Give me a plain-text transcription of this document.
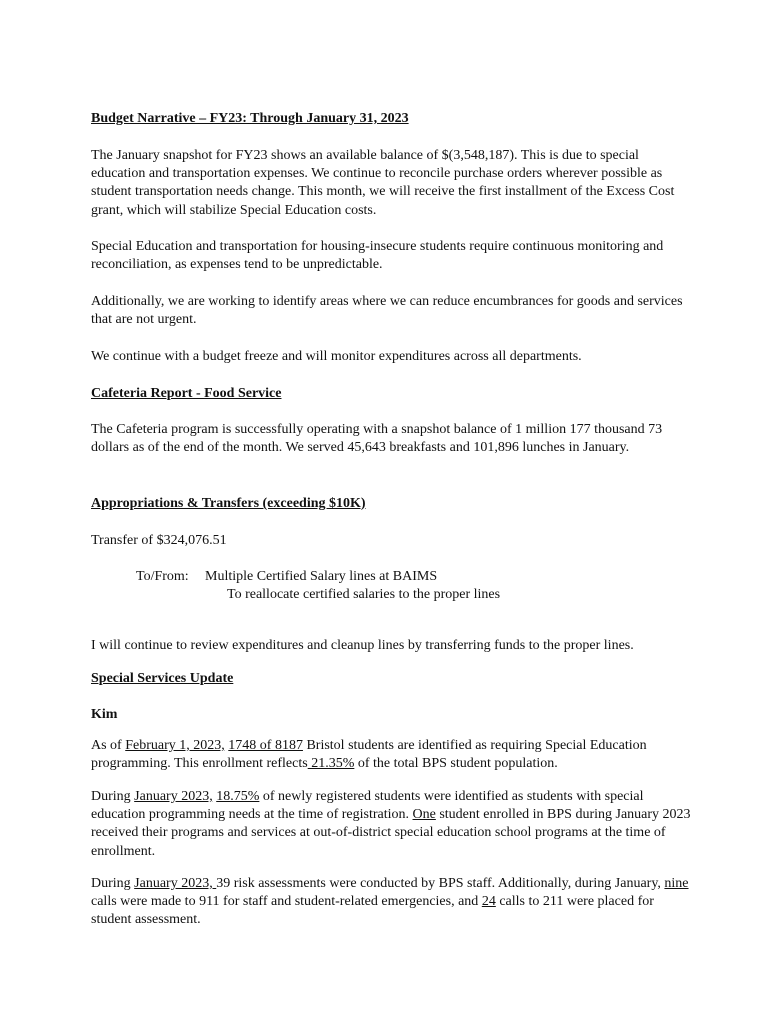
Budget Narrative – FY23: Through January 31, 2023

The January snapshot for FY23 shows an available balance of $(3,548,187). This is due to special education and transportation expenses. We continue to reconcile purchase orders wherever possible as student transportation needs change. This month, we will receive the first installment of the Excess Cost grant, which will stabilize Special Education costs.

Special Education and transportation for housing-insecure students require continuous monitoring and reconciliation, as expenses tend to be unpredictable.

Additionally, we are working to identify areas where we can reduce encumbrances for goods and services that are not urgent.

We continue with a budget freeze and will monitor expenditures across all departments.

Cafeteria Report - Food Service

The Cafeteria program is successfully operating with a snapshot balance of 1 million 177 thousand 73 dollars as of the end of the month. We served 45,643 breakfasts and 101,896 lunches in January.

Appropriations & Transfers (exceeding $10K)

Transfer of $324,076.51

To/From: Multiple Certified Salary lines at BAIMS
To reallocate certified salaries to the proper lines

I will continue to review expenditures and cleanup lines by transferring funds to the proper lines.

Special Services Update

Kim

As of February 1, 2023, 1748 of 8187 Bristol students are identified as requiring Special Education programming. This enrollment reflects 21.35% of the total BPS student population.

During January 2023, 18.75% of newly registered students were identified as students with special education programming needs at the time of registration. One student enrolled in BPS during January 2023 received their programs and services at out-of-district special education school programs at the time of enrollment.

During January 2023, 39 risk assessments were conducted by BPS staff. Additionally, during January, nine calls were made to 911 for staff and student-related emergencies, and 24 calls to 211 were placed for student assessment.
